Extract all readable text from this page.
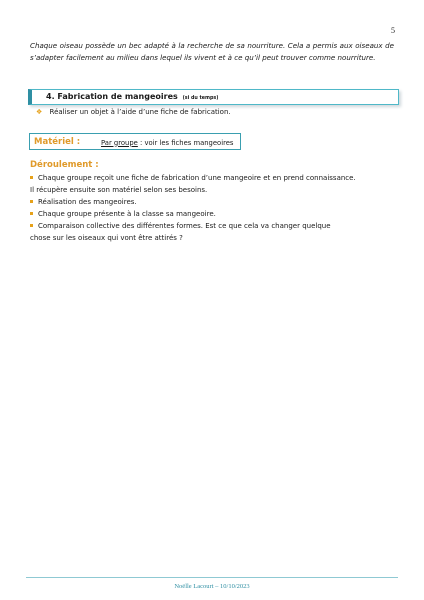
5
Chaque oiseau possède un bec adapté à la recherche de sa nourriture. Cela a permis aux oiseaux de s’adapter facilement au milieu dans lequel ils vivent et à ce qu’il peut trouver comme nourriture.
4. Fabrication de mangeoires (si du temps)
❖ Réaliser un objet à l’aide d’une fiche de fabrication.
Matériel :	Par groupe : voir les fiches mangeoires
Déroulement :
Chaque groupe reçoit une fiche de fabrication d’une mangeoire et en prend connaissance.
Il récupère ensuite son matériel selon ses besoins.
Réalisation des mangeoires.
Chaque groupe présente à la classe sa mangeoire.
Comparaison collective des différentes formes. Est ce que cela va changer quelque
chose sur les oiseaux qui vont être attirés ?
Noëlle Lacourt – 10/10/2023
